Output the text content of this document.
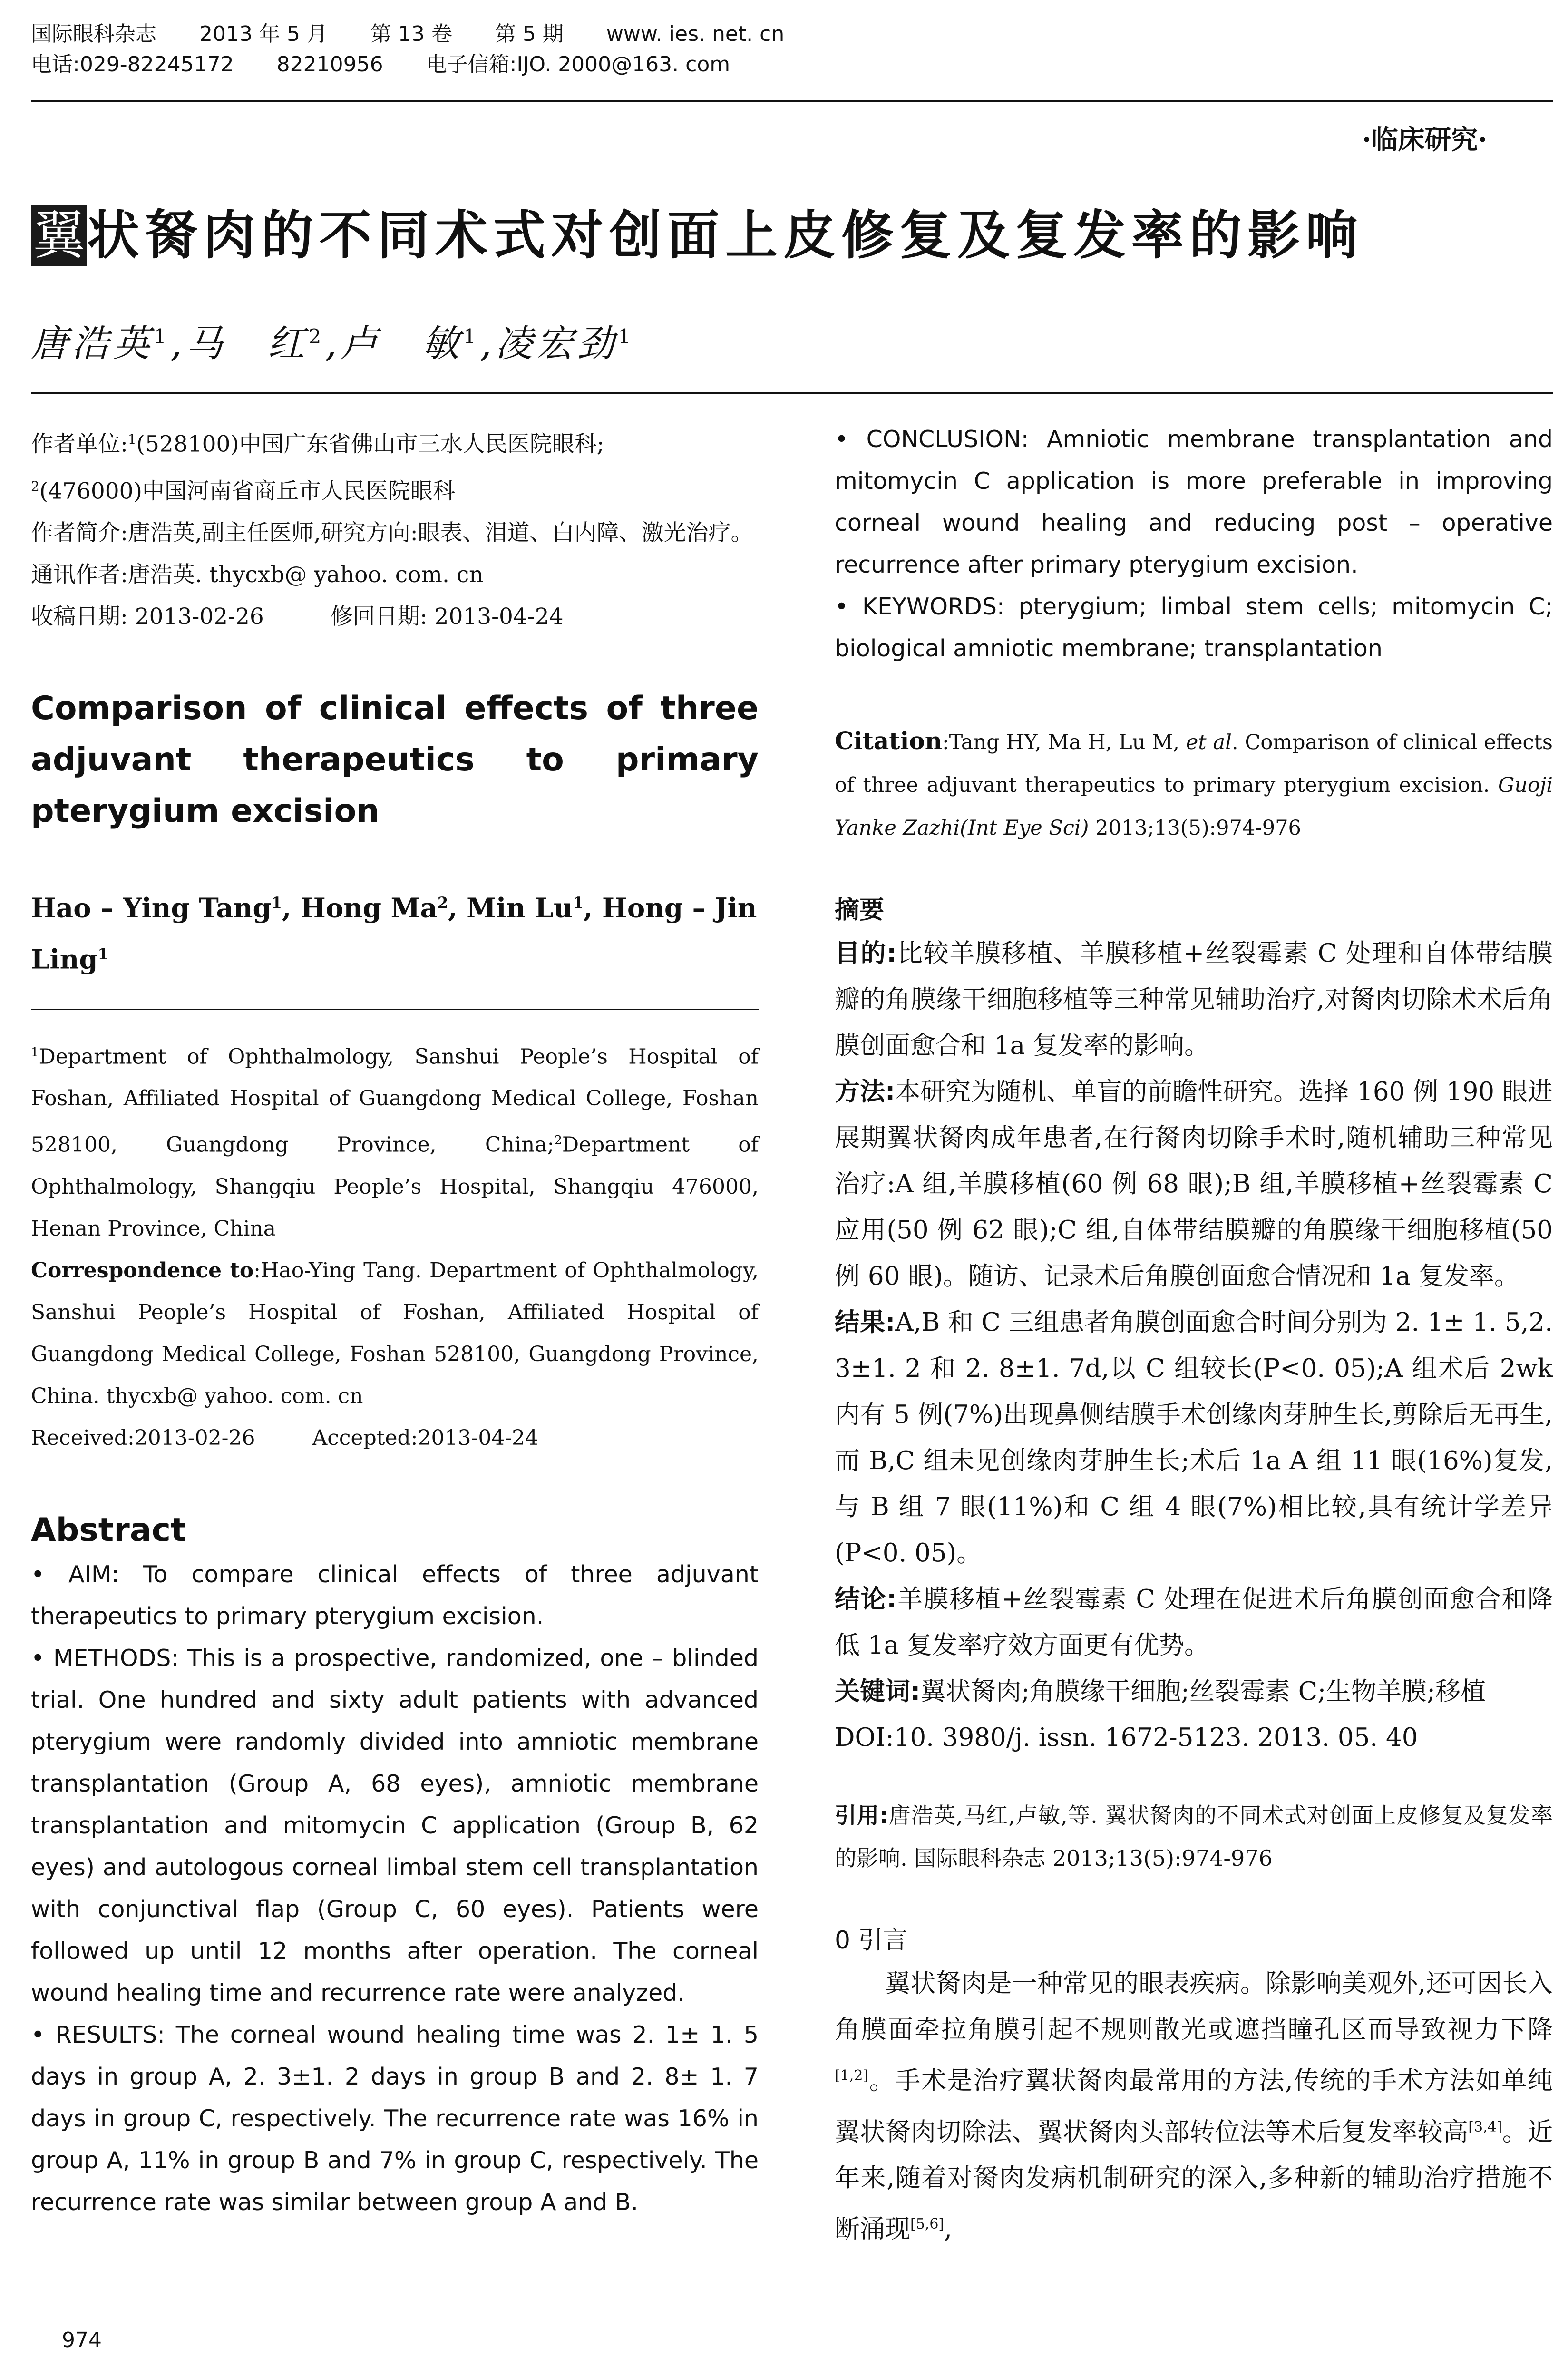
国际眼科杂志 2013 年 5 月 第 13 卷 第 5 期 www. ies. net. cn
电话:029-82245172 82210956 电子信箱:IJO. 2000@163. com
·临床研究·
翼 状胬肉的不同术式对创面上皮修复及复发率的影响
唐浩英$^1$,马　红$^2$,卢　敏$^1$,凌宏劲$^1$

作者单位:$^1$(528100)中国广东省佛山市三水人民医院眼科;

$^2$(476000)中国河南省商丘市人民医院眼科

作者简介:唐浩英,副主任医师,研究方向:眼表、泪道、白内障、激光治疗。

通讯作者:唐浩英. thycxb@ yahoo. com. cn

收稿日期: 2013-02-26	修回日期: 2013-04-24

Comparison of clinical effects of three adjuvant therapeutics to primary pterygium excision

Hao – Ying Tang$^1$, Hong Ma$^2$, Min Lu$^1$, Hong – Jin Ling$^1$

$^1$Department of Ophthalmology, Sanshui People’s Hospital of Foshan, Affiliated Hospital of Guangdong Medical College, Foshan 528100, Guangdong Province, China;$^2$Department of Ophthalmology, Shangqiu People’s Hospital, Shangqiu 476000, Henan Province, China

Correspondence to:Hao-Ying Tang. Department of Ophthalmology, Sanshui People’s Hospital of Foshan, Affiliated Hospital of Guangdong Medical College, Foshan 528100, Guangdong Province, China. thycxb@ yahoo. com. cn

Received:2013-02-26	Accepted:2013-04-24

Abstract

• AIM: To compare clinical effects of three adjuvant therapeutics to primary pterygium excision.

• METHODS: This is a prospective, randomized, one – blinded trial. One hundred and sixty adult patients with advanced pterygium were randomly divided into amniotic membrane transplantation (Group A, 68 eyes), amniotic membrane transplantation and mitomycin C application (Group B, 62 eyes) and autologous corneal limbal stem cell transplantation with conjunctival flap (Group C, 60 eyes). Patients were followed up until 12 months after operation. The corneal wound healing time and recurrence rate were analyzed.

• RESULTS: The corneal wound healing time was 2. 1± 1. 5 days in group A, 2. 3±1. 2 days in group B and 2. 8± 1. 7 days in group C, respectively. The recurrence rate was 16% in group A, 11% in group B and 7% in group C, respectively. The recurrence rate was similar between group A and B.

• CONCLUSION: Amniotic membrane transplantation and mitomycin C application is more preferable in improving corneal wound healing and reducing post – operative recurrence after primary pterygium excision.

• KEYWORDS: pterygium; limbal stem cells; mitomycin C; biological amniotic membrane; transplantation

Citation:Tang HY, Ma H, Lu M, et al. Comparison of clinical effects of three adjuvant therapeutics to primary pterygium excision. Guoji Yanke Zazhi(Int Eye Sci) 2013;13(5):974-976

摘要

目的:比较羊膜移植、羊膜移植+丝裂霉素 C 处理和自体带结膜瓣的角膜缘干细胞移植等三种常见辅助治疗,对胬肉切除术术后角膜创面愈合和 1a 复发率的影响。

方法:本研究为随机、单盲的前瞻性研究。选择 160 例 190 眼进展期翼状胬肉成年患者,在行胬肉切除手术时,随机辅助三种常见治疗:A 组,羊膜移植(60 例 68 眼);B 组,羊膜移植+丝裂霉素 C 应用(50 例 62 眼);C 组,自体带结膜瓣的角膜缘干细胞移植(50 例 60 眼)。随访、记录术后角膜创面愈合情况和 1a 复发率。

结果:A,B 和 C 三组患者角膜创面愈合时间分别为 2. 1± 1. 5,2. 3±1. 2 和 2. 8±1. 7d,以 C 组较长(P<0. 05);A 组术后 2wk 内有 5 例(7%)出现鼻侧结膜手术创缘肉芽肿生长,剪除后无再生,而 B,C 组未见创缘肉芽肿生长;术后 1a A 组 11 眼(16%)复发,与 B 组 7 眼(11%)和 C 组 4 眼(7%)相比较,具有统计学差异(P<0. 05)。

结论:羊膜移植+丝裂霉素 C 处理在促进术后角膜创面愈合和降低 1a 复发率疗效方面更有优势。

关键词:翼状胬肉;角膜缘干细胞;丝裂霉素 C;生物羊膜;移植

DOI:10. 3980/j. issn. 1672-5123. 2013. 05. 40

引用:唐浩英,马红,卢敏,等. 翼状胬肉的不同术式对创面上皮修复及复发率的影响. 国际眼科杂志 2013;13(5):974-976

0 引言

翼状胬肉是一种常见的眼表疾病。除影响美观外,还可因长入角膜面牵拉角膜引起不规则散光或遮挡瞳孔区而导致视力下降[1,2]。手术是治疗翼状胬肉最常用的方法,传统的手术方法如单纯翼状胬肉切除法、翼状胬肉头部转位法等术后复发率较高[3,4]。近年来,随着对胬肉发病机制研究的深入,多种新的辅助治疗措施不断涌现[5,6],

974
